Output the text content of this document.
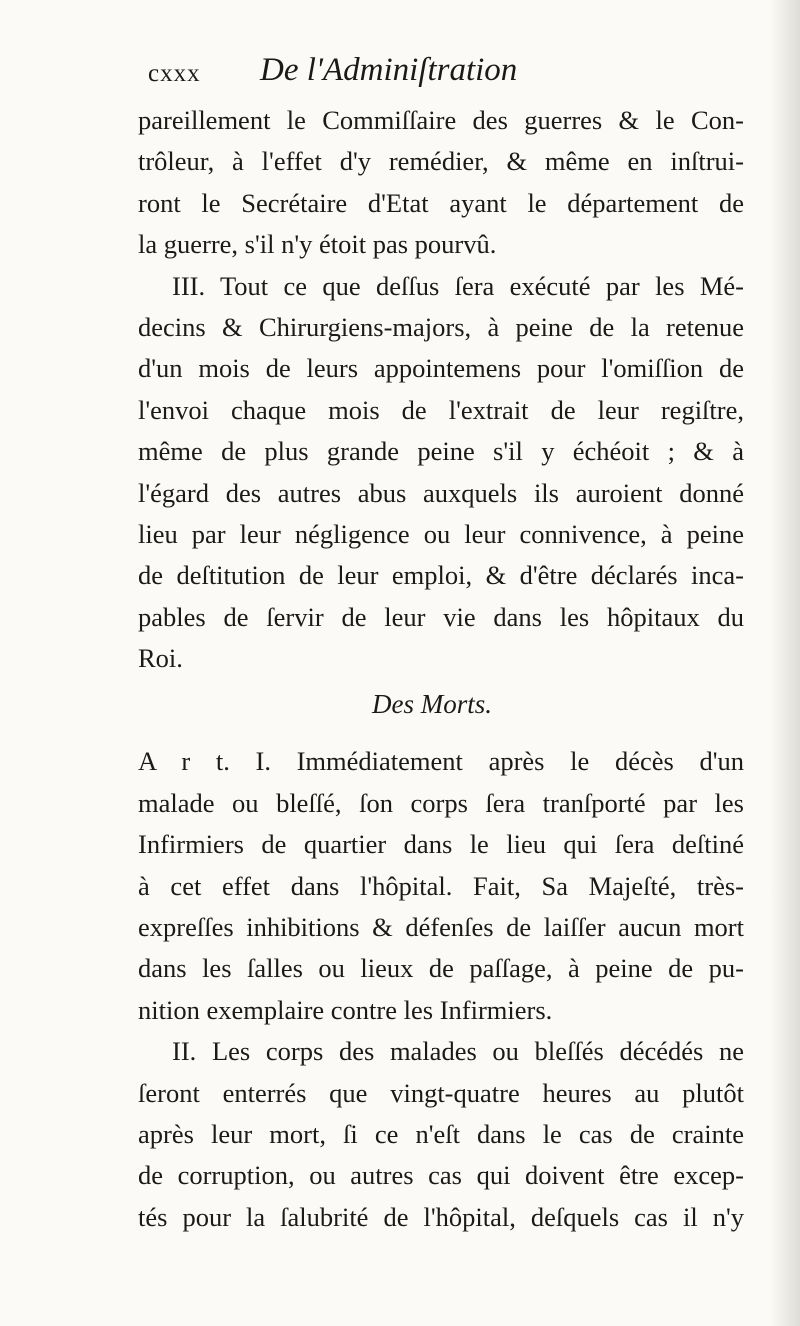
cxxx De l'Adminiſtration
pareillement le Commiſſaire des guerres & le Con-
trôleur, à l'effet d'y remédier, & même en inſtrui-
ront le Secrétaire d'Etat ayant le département de
la guerre, s'il n'y étoit pas pourvû.
III. Tout ce que deſſus ſera exécuté par les Mé-
decins & Chirurgiens-majors, à peine de la retenue
d'un mois de leurs appointemens pour l'omiſſion de
l'envoi chaque mois de l'extrait de leur regiſtre,
même de plus grande peine s'il y échéoit ; & à
l'égard des autres abus auxquels ils auroient donné
lieu par leur négligence ou leur connivence, à peine
de deſtitution de leur emploi, & d'être déclarés inca-
pables de ſervir de leur vie dans les hôpitaux du
Roi.
Des Morts.
A r t. I. Immédiatement après le décès d'un
malade ou bleſſé, ſon corps ſera tranſporté par les
Infirmiers de quartier dans le lieu qui ſera deſtiné
à cet effet dans l'hôpital. Fait, Sa Majeſté, très-
expreſſes inhibitions & défenſes de laiſſer aucun mort
dans les ſalles ou lieux de paſſage, à peine de pu-
nition exemplaire contre les Infirmiers.
II. Les corps des malades ou bleſſés décédés ne
ſeront enterrés que vingt-quatre heures au plutôt
après leur mort, ſi ce n'eſt dans le cas de crainte
de corruption, ou autres cas qui doivent être excep-
tés pour la ſalubrité de l'hôpital, deſquels cas il n'y
